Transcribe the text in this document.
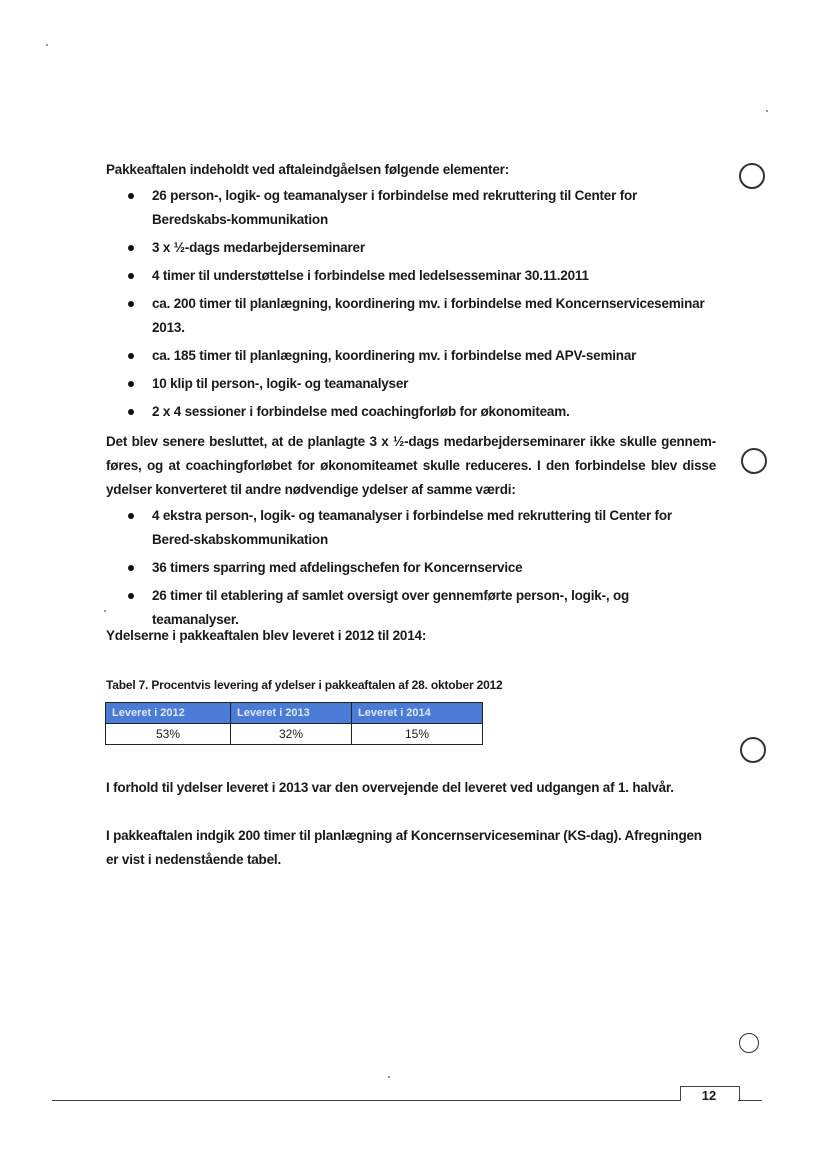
Pakkeaftalen indeholdt ved aftaleindgåelsen følgende elementer:

26 person-, logik- og teamanalyser i forbindelse med rekruttering til Center for Beredskabs-kommunikation
3 x ½-dags medarbejderseminarer
4 timer til understøttelse i forbindelse med ledelsesseminar 30.11.2011
ca. 200 timer til planlægning, koordinering mv. i forbindelse med Koncernserviceseminar 2013.
ca. 185 timer til planlægning, koordinering mv. i forbindelse med APV-seminar
10 klip til person-, logik- og teamanalyser
2 x 4 sessioner i forbindelse med coachingforløb for økonomiteam.

Det blev senere besluttet, at de planlagte 3 x ½-dags medarbejderseminarer ikke skulle gennem-føres, og at coachingforløbet for økonomiteamet skulle reduceres. I den forbindelse blev disse ydelser konverteret til andre nødvendige ydelser af samme værdi:

4 ekstra person-, logik- og teamanalyser i forbindelse med rekruttering til Center for Bered-skabskommunikation
36 timers sparring med afdelingschefen for Koncernservice
26 timer til etablering af samlet oversigt over gennemførte person-, logik-, og teamanalyser.

Ydelserne i pakkeaftalen blev leveret i 2012 til 2014:

Tabel 7. Procentvis levering af ydelser i pakkeaftalen af 28. oktober 2012
Leveret i 2012	Leveret i 2013	Leveret i 2014
53%	32%	15%

I forhold til ydelser leveret i 2013 var den overvejende del leveret ved udgangen af 1. halvår.

I pakkeaftalen indgik 200 timer til planlægning af Koncernserviceseminar (KS-dag). Afregningen er vist i nedenstående tabel.

12
